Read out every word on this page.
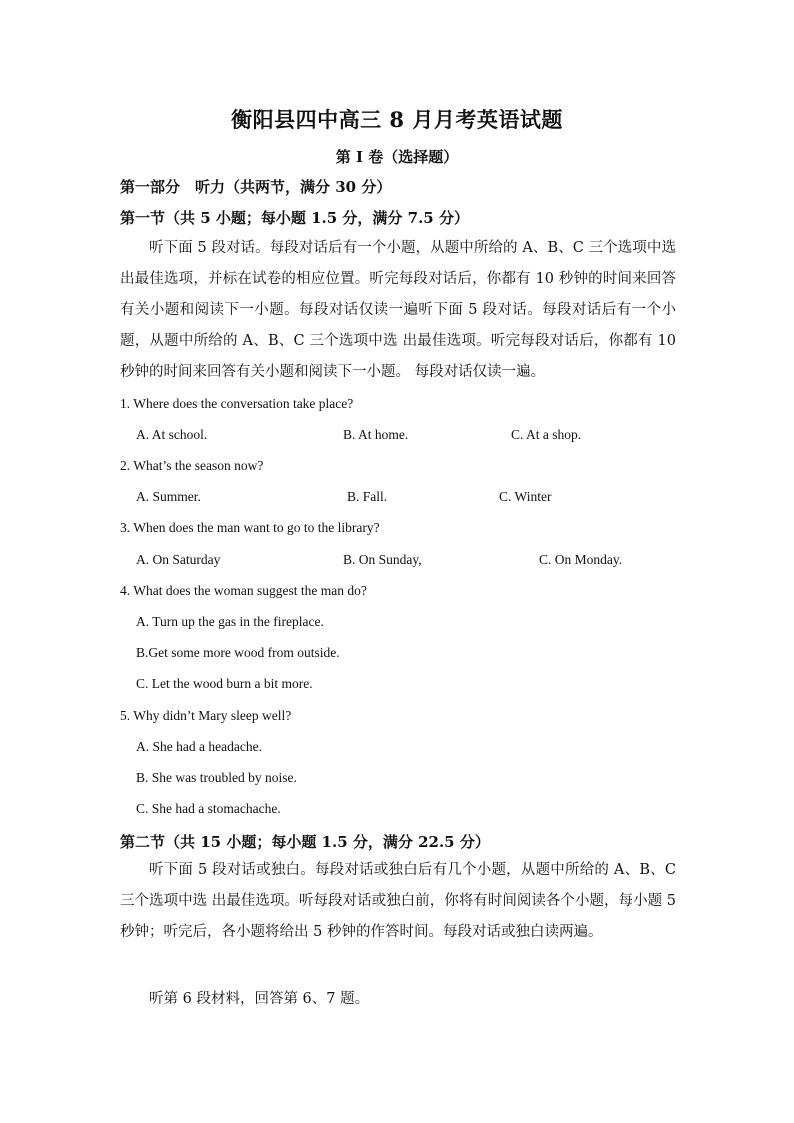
衡阳县四中高三 8 月月考英语试题
第 I 卷（选择题）
第一部分　听力（共两节，满分 30 分）
第一节（共 5 小题；每小题 1.5 分，满分 7.5 分）
听下面 5 段对话。每段对话后有一个小题，从题中所给的 A、B、C 三个选项中选出最佳选项，并标在试卷的相应位置。听完每段对话后，你都有 10 秒钟的时间来回答有关小题和阅读下一小题。每段对话仅读一遍听下面 5 段对话。每段对话后有一个小题，从题中所给的 A、B、C 三个选项中选 出最佳选项。听完每段对话后，你都有 10 秒钟的时间来回答有关小题和阅读下一小题。 每段对话仅读一遍。
1. Where does the conversation take place?
A. At school.	B. At home.	C. At a shop.
2. What’s the season now?
A. Summer.	B. Fall.	C. Winter
3. When does the man want to go to the library?
A. On Saturday	B. On Sunday,	C. On Monday.
4. What does the woman suggest the man do?
A. Turn up the gas in the fireplace.
B.Get some more wood from outside.
C. Let the wood burn a bit more.
5. Why didn’t Mary sleep well?
A. She had a headache.
B. She was troubled by noise.
C. She had a stomachache.
第二节（共 15 小题；每小题 1.5 分，满分 22.5 分）
听下面 5 段对话或独白。每段对话或独白后有几个小题，从题中所给的 A、B、C 三个选项中选 出最佳选项。听每段对话或独白前，你将有时间阅读各个小题，每小题 5 秒钟；听完后，各小题将给出 5 秒钟的作答时间。每段对话或独白读两遍。
听第 6 段材料，回答第 6、7 题。
